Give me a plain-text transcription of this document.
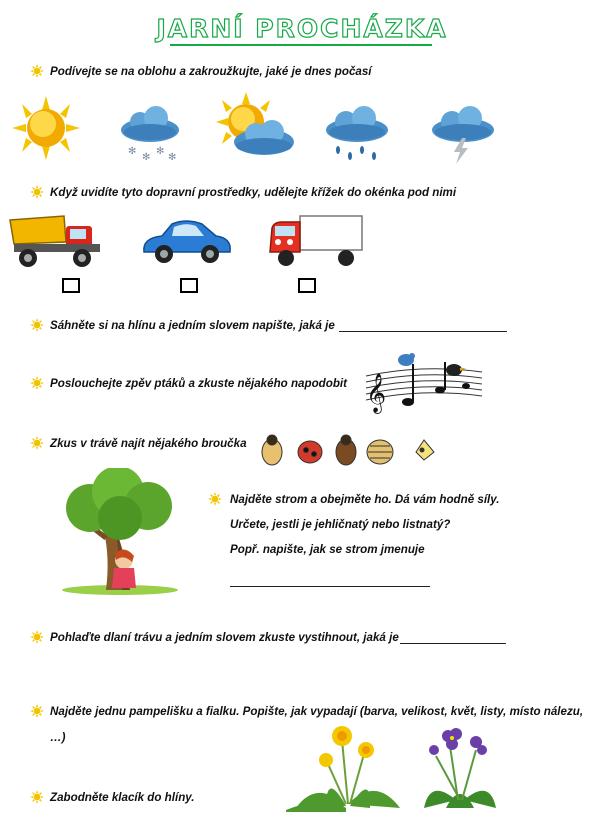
JARNÍ PROCHÁZKA
Podívejte se na oblohu a zakroužkujte, jaké je dnes počasí
✻
✻
✻
✻
Když uvidíte tyto dopravní prostředky, udělejte křížek do okénka pod nimi
Sáhněte si na hlínu a jedním slovem napište, jaká je
Poslouchejte zpěv ptáků a zkuste nějakého napodobit 𝄞
Zkus v trávě najít nějakého broučka
Najděte strom a obejměte ho. Dá vám hodně síly.
Určete, jestli je jehličnatý nebo listnatý?
Popř. napište, jak se strom jmenuje
Pohlaďte dlaní trávu a jedním slovem zkuste vystihnout, jaká je
Najděte jednu pampelišku a fialku. Popište, jak vypadají (barva, velikost, květ, listy, místo nálezu,
…)
Zabodněte klacík do hlíny.
